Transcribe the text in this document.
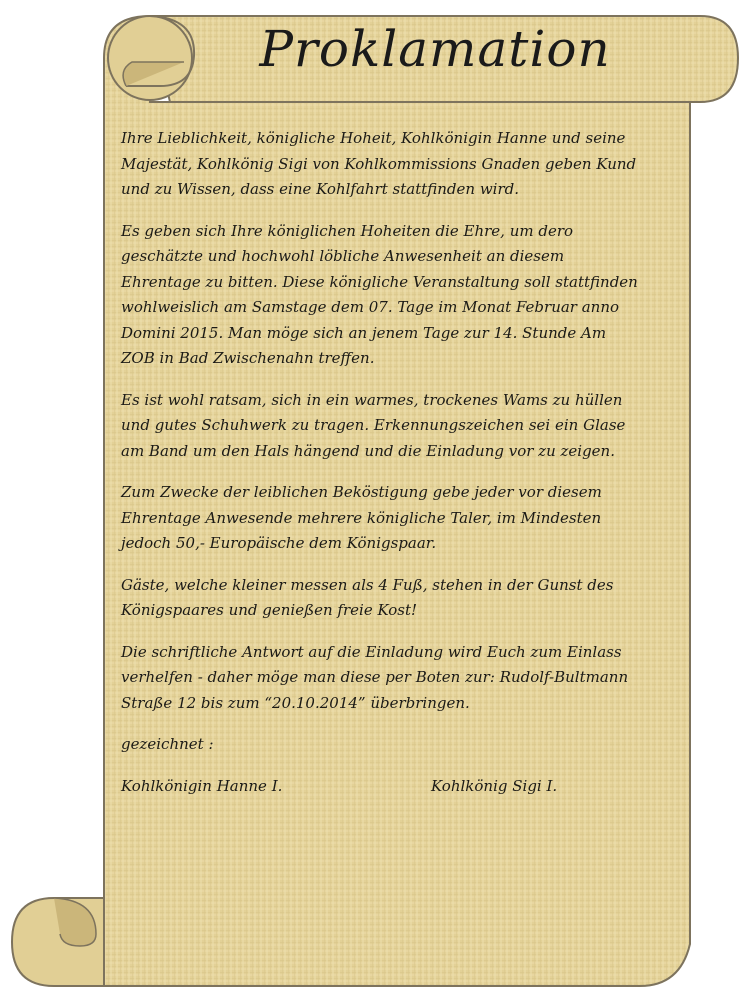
Proklamation

Ihre Lieblichkeit, königliche Hoheit, Kohlkönigin Hanne und seine Majestät, Kohlkönig Sigi von Kohlkommissions Gnaden geben Kund und zu Wissen, dass eine Kohlfahrt stattfinden wird.

Es geben sich Ihre königlichen Hoheiten die Ehre, um dero geschätzte und hochwohl löbliche Anwesenheit an diesem Ehrentage zu bitten. Diese königliche Veranstaltung soll stattfinden wohlweislich am Samstage dem 07. Tage im Monat Februar anno Domini 2015. Man möge sich an jenem Tage zur 14. Stunde Am ZOB in Bad Zwischenahn treffen.

Es ist wohl ratsam, sich in ein warmes, trockenes Wams zu hüllen und gutes Schuhwerk zu tragen. Erkennungszeichen sei ein Glase am Band um den Hals hängend und die Einladung vor zu zeigen.

Zum Zwecke der leiblichen Beköstigung gebe jeder vor diesem Ehrentage Anwesende mehrere königliche Taler, im Mindesten jedoch 50,- Europäische dem Königspaar.

Gäste, welche kleiner messen als 4 Fuß, stehen in der Gunst des Königspaares und genießen freie Kost!

Die schriftliche Antwort auf die Einladung wird Euch zum Einlass verhelfen - daher möge man diese per Boten zur: Rudolf-Bultmann Straße 12 bis zum “20.10.2014” überbringen.

gezeichnet :

Kohlkönigin Hanne I.	Kohlkönig Sigi I.
